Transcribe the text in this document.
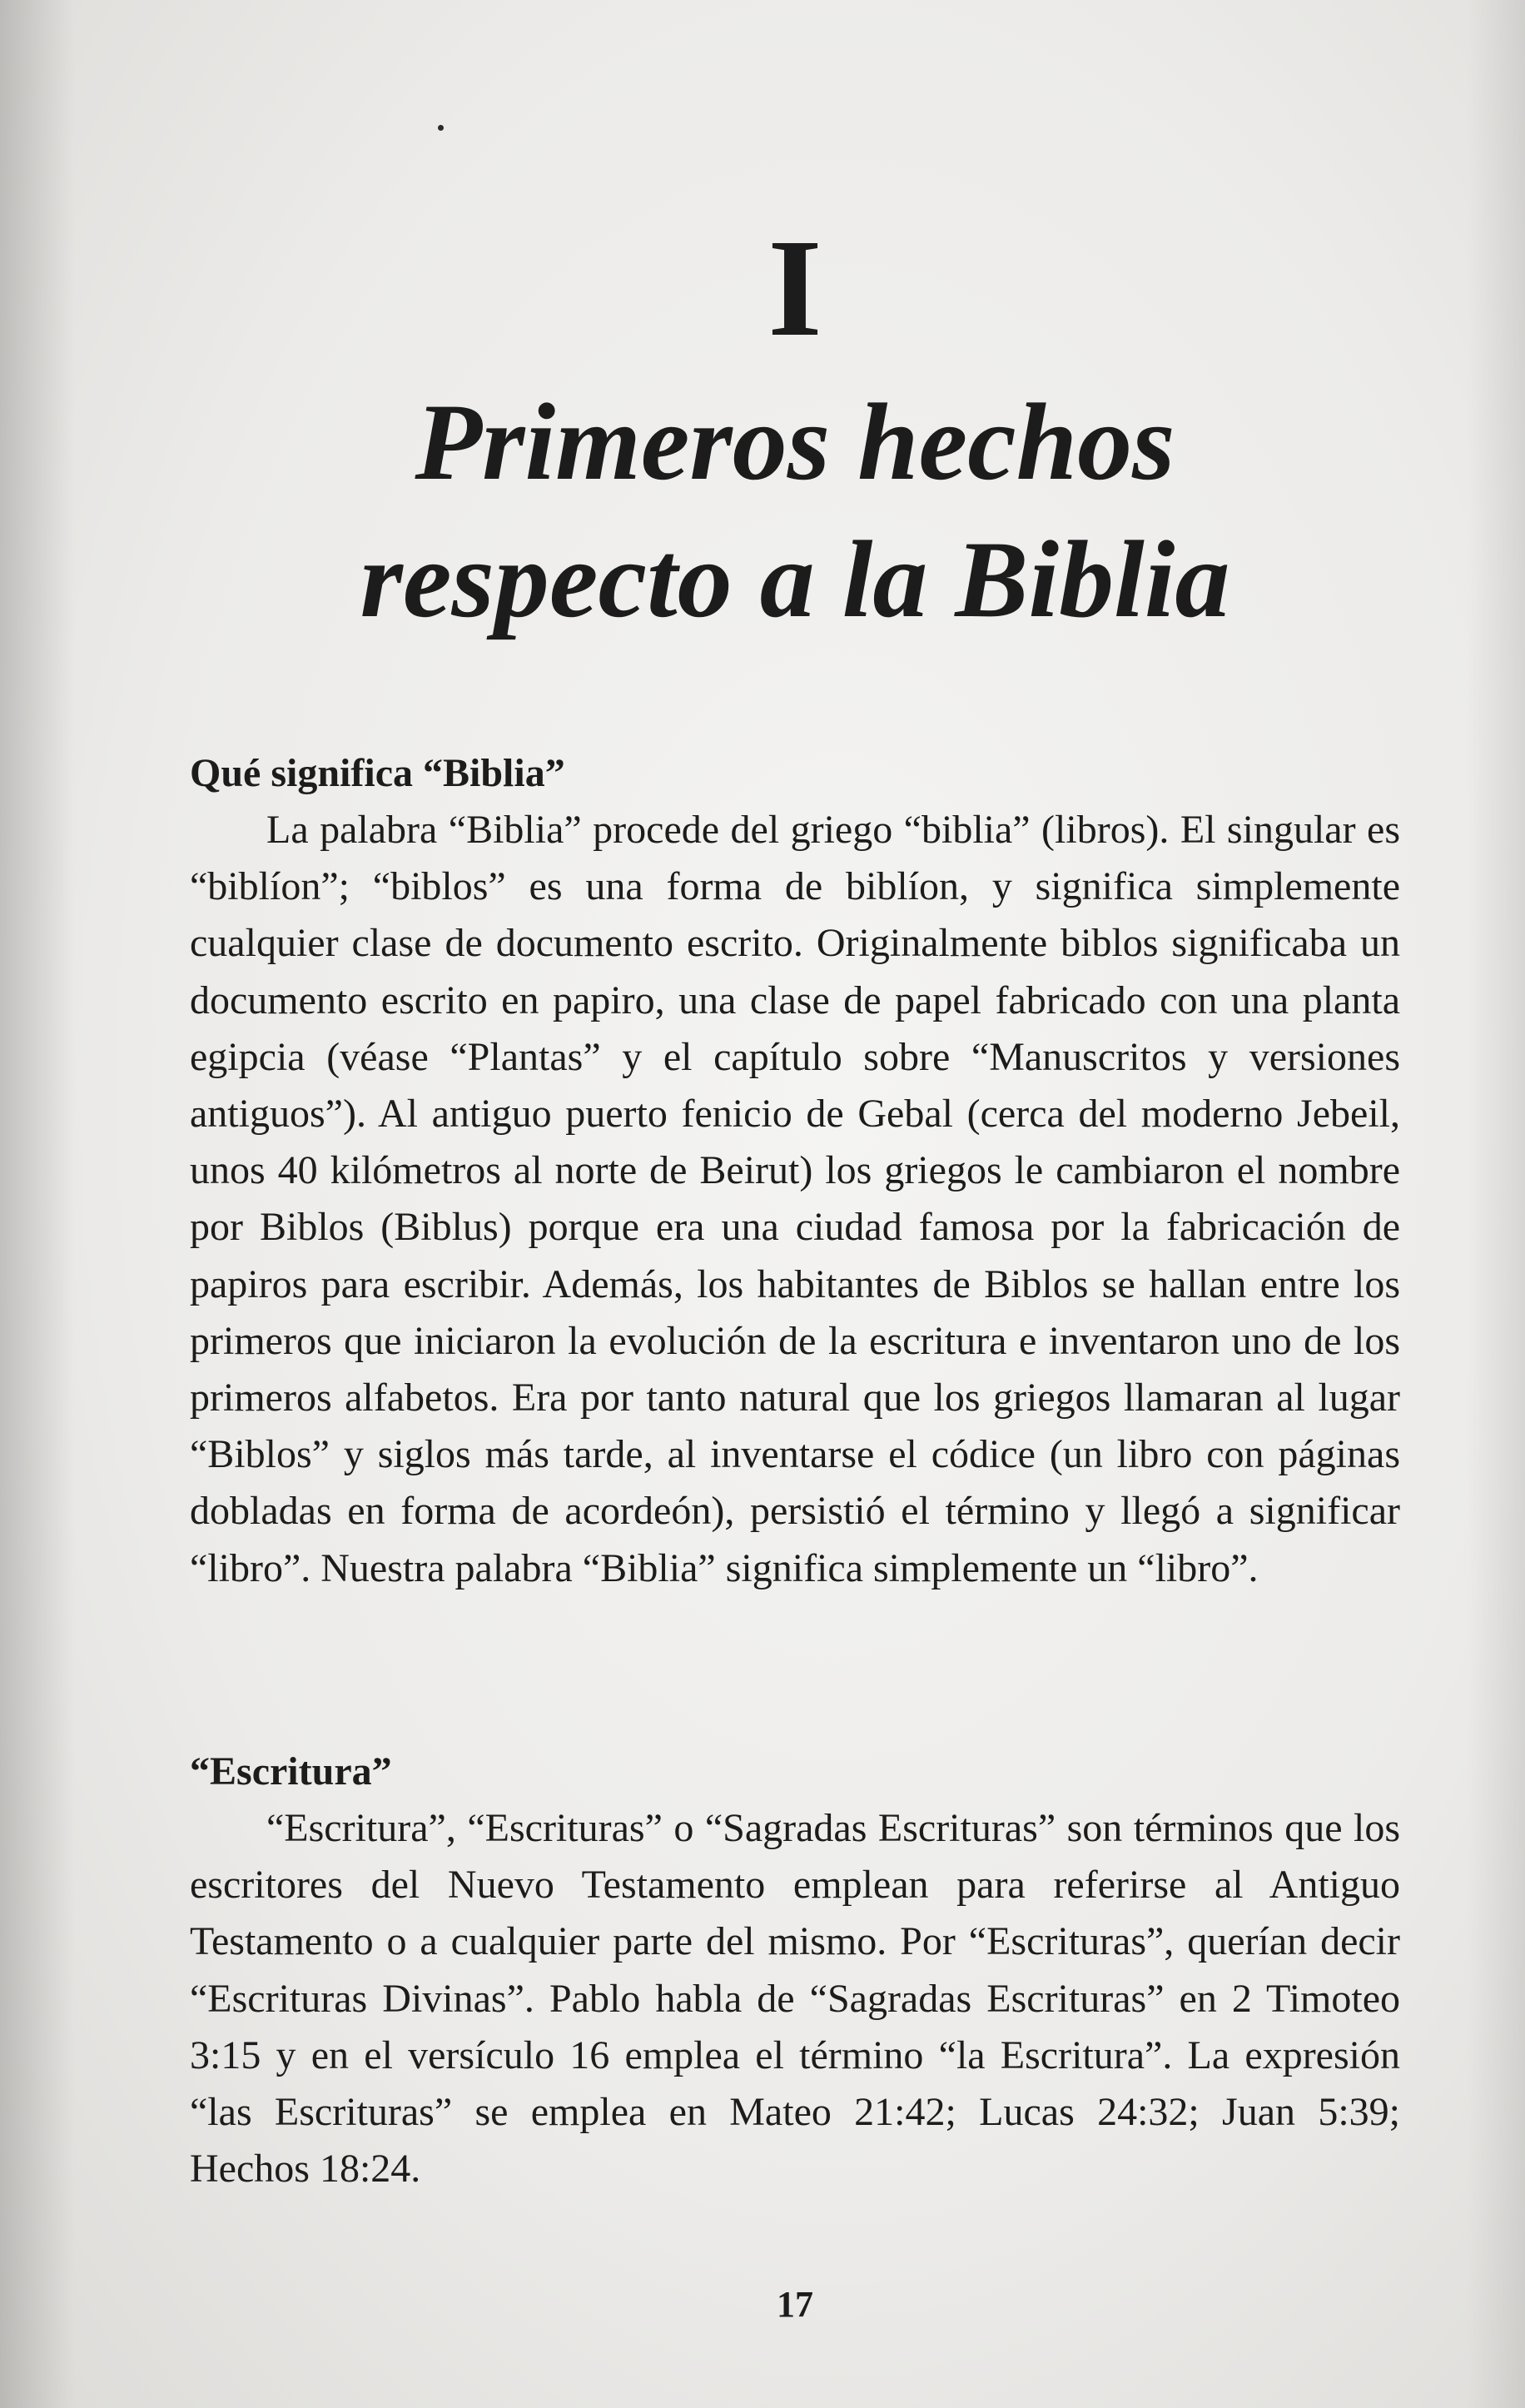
I
Primeros hechos
respecto a la Biblia

Qué significa “Biblia”

La palabra “Biblia” procede del griego “biblia” (libros). El singular es “biblíon”; “biblos” es una forma de biblíon, y significa simplemente cualquier clase de documento escrito. Originalmente biblos significaba un documento escrito en papiro, una clase de papel fabricado con una planta egipcia (véase “Plantas” y el capítulo sobre “Manuscritos y versiones antiguos”). Al antiguo puerto fenicio de Gebal (cerca del moderno Jebeil, unos 40 kilómetros al norte de Beirut) los griegos le cambiaron el nombre por Biblos (Biblus) porque era una ciudad famosa por la fabricación de papiros para escribir. Además, los habitantes de Biblos se hallan entre los primeros que iniciaron la evolución de la escritura e inventaron uno de los primeros alfabetos. Era por tanto natural que los griegos llamaran al lugar “Biblos” y siglos más tarde, al inventarse el códice (un libro con páginas dobladas en forma de acordeón), persistió el término y llegó a significar “libro”. Nuestra palabra “Biblia” significa simplemente un “libro”.

“Escritura”

“Escritura”, “Escrituras” o “Sagradas Escrituras” son términos que los escritores del Nuevo Testamento emplean para referirse al Antiguo Testamento o a cualquier parte del mismo. Por “Escrituras”, querían decir “Escrituras Divinas”. Pablo habla de “Sagradas Escrituras” en 2 Timoteo 3:15 y en el versículo 16 emplea el término “la Escritura”. La expresión “las Escrituras” se emplea en Mateo 21:42; Lucas 24:32; Juan 5:39; Hechos 18:24.

17
